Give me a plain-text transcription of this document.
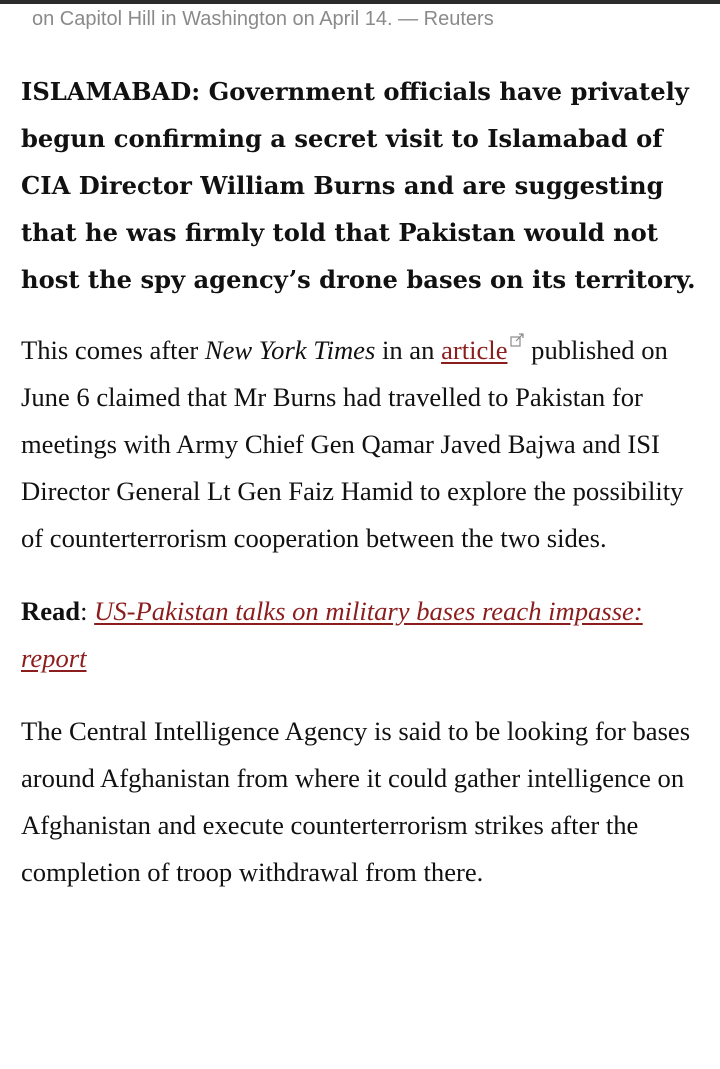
on Capitol Hill in Washington on April 14. — Reuters

ISLAMABAD: Government officials have privately begun confirming a secret visit to Islamabad of CIA Director William Burns and are suggesting that he was firmly told that Pakistan would not host the spy agency’s drone bases on its territory.

This comes after New York Times in an article published on June 6 claimed that Mr Burns had travelled to Pakistan for meetings with Army Chief Gen Qamar Javed Bajwa and ISI Director General Lt Gen Faiz Hamid to explore the possibility of counterterrorism cooperation between the two sides.

Read: US-Pakistan talks on military bases reach impasse: report

The Central Intelligence Agency is said to be looking for bases around Afghanistan from where it could gather intelligence on Afghanistan and execute counterterrorism strikes after the completion of troop withdrawal from there.
